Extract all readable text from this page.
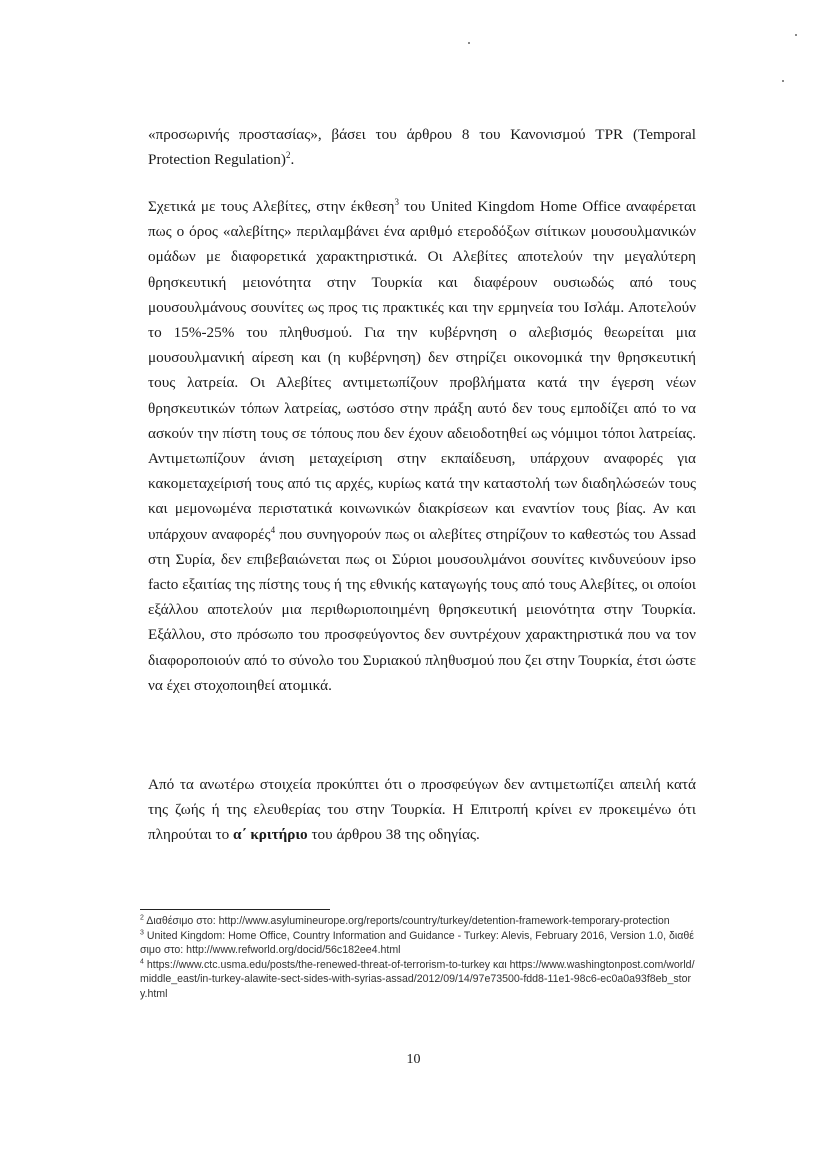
«προσωρινής προστασίας», βάσει του άρθρου 8 του Κανονισμού TPR (Temporal Protection Regulation)$^2$.

Σχετικά με τους Αλεβίτες, στην έκθεση$^3$ του United Kingdom Home Office αναφέρεται πως ο όρος «αλεβίτης» περιλαμβάνει ένα αριθμό ετεροδόξων σιίτικων μουσουλμανικών ομάδων με διαφορετικά χαρακτηριστικά. Οι Αλεβίτες αποτελούν την μεγαλύτερη θρησκευτική μειονότητα στην Τουρκία και διαφέρουν ουσιωδώς από τους μουσουλμάνους σουνίτες ως προς τις πρακτικές και την ερμηνεία του Ισλάμ. Αποτελούν το 15%-25% του πληθυσμού. Για την κυβέρνηση ο αλεβισμός θεωρείται μια μουσουλμανική αίρεση και (η κυβέρνηση) δεν στηρίζει οικονομικά την θρησκευτική τους λατρεία. Οι Αλεβίτες αντιμετωπίζουν προβλήματα κατά την έγερση νέων θρησκευτικών τόπων λατρείας, ωστόσο στην πράξη αυτό δεν τους εμποδίζει από το να ασκούν την πίστη τους σε τόπους που δεν έχουν αδειοδοτηθεί ως νόμιμοι τόποι λατρείας. Αντιμετωπίζουν άνιση μεταχείριση στην εκπαίδευση, υπάρχουν αναφορές για κακομεταχείρισή τους από τις αρχές, κυρίως κατά την καταστολή των διαδηλώσεών τους και μεμονωμένα περιστατικά κοινωνικών διακρίσεων και εναντίον τους βίας. Αν και υπάρχουν αναφορές$^4$ που συνηγορούν πως οι αλεβίτες στηρίζουν το καθεστώς του Assad στη Συρία, δεν επιβεβαιώνεται πως οι Σύριοι μουσουλμάνοι σουνίτες κινδυνεύουν ipso facto εξαιτίας της πίστης τους ή της εθνικής καταγωγής τους από τους Αλεβίτες, οι οποίοι εξάλλου αποτελούν μια περιθωριοποιημένη θρησκευτική μειονότητα στην Τουρκία. Εξάλλου, στο πρόσωπο του προσφεύγοντος δεν συντρέχουν χαρακτηριστικά που να τον διαφοροποιούν από το σύνολο του Συριακού πληθυσμού που ζει στην Τουρκία, έτσι ώστε να έχει στοχοποιηθεί ατομικά.

Από τα ανωτέρω στοιχεία προκύπτει ότι ο προσφεύγων δεν αντιμετωπίζει απειλή κατά της ζωής ή της ελευθερίας του στην Τουρκία. Η Επιτροπή κρίνει εν προκειμένω ότι πληρούται το α΄ κριτήριο του άρθρου 38 της οδηγίας.

$^2$ Διαθέσιμο στο: http://www.asylumineurope.org/reports/country/turkey/detention-framework-temporary-protection

$^3$ United Kingdom: Home Office, Country Information and Guidance - Turkey: Alevis, February 2016, Version 1.0, διαθέσιμο στο: http://www.refworld.org/docid/56c182ee4.html

$^4$ https://www.ctc.usma.edu/posts/the-renewed-threat-of-terrorism-to-turkey και https://www.washingtonpost.com/world/middle_east/in-turkey-alawite-sect-sides-with-syrias-assad/2012/09/14/97e73500-fdd8-11e1-98c6-ec0a0a93f8eb_story.html

10
